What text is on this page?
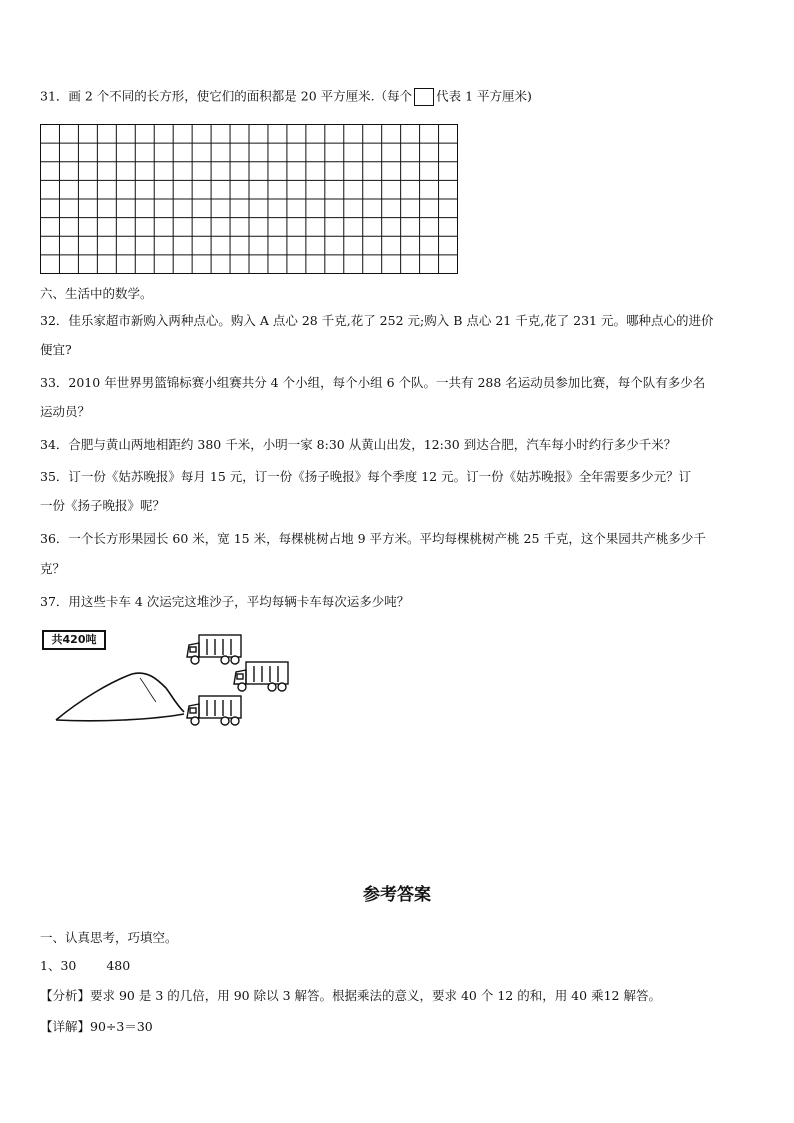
31．画 2 个不同的长方形，使它们的面积都是 20 平方厘米.（每个 代表 1 平方厘米)
六、生活中的数学。
32．佳乐家超市新购入两种点心。购入 A 点心 28 千克,花了 252 元;购入 B 点心 21 千克,花了 231 元。哪种点心的进价
便宜?
33．2010 年世界男篮锦标赛小组赛共分 4 个小组，每个小组 6 个队。一共有 288 名运动员参加比赛，每个队有多少名
运动员？
34．合肥与黄山两地相距约 380 千米，小明一家 8:30 从黄山出发，12:30 到达合肥，汽车每小时约行多少千米？
35．订一份《姑苏晚报》每月 15 元，订一份《扬子晚报》每个季度 12 元。订一份《姑苏晚报》全年需要多少元？订
一份《扬子晚报》呢？
36．一个长方形果园长 60 米，宽 15 米，每棵桃树占地 9 平方米。平均每棵桃树产桃 25 千克，这个果园共产桃多少千
克？
37．用这些卡车 4 次运完这堆沙子，平均每辆卡车每次运多少吨？
共420吨
参考答案
一、认真思考，巧填空。
1、30 480
【分析】要求 90 是 3 的几倍，用 90 除以 3 解答。根据乘法的意义，要求 40 个 12 的和，用 40 乘12 解答。
【详解】90÷3＝30
